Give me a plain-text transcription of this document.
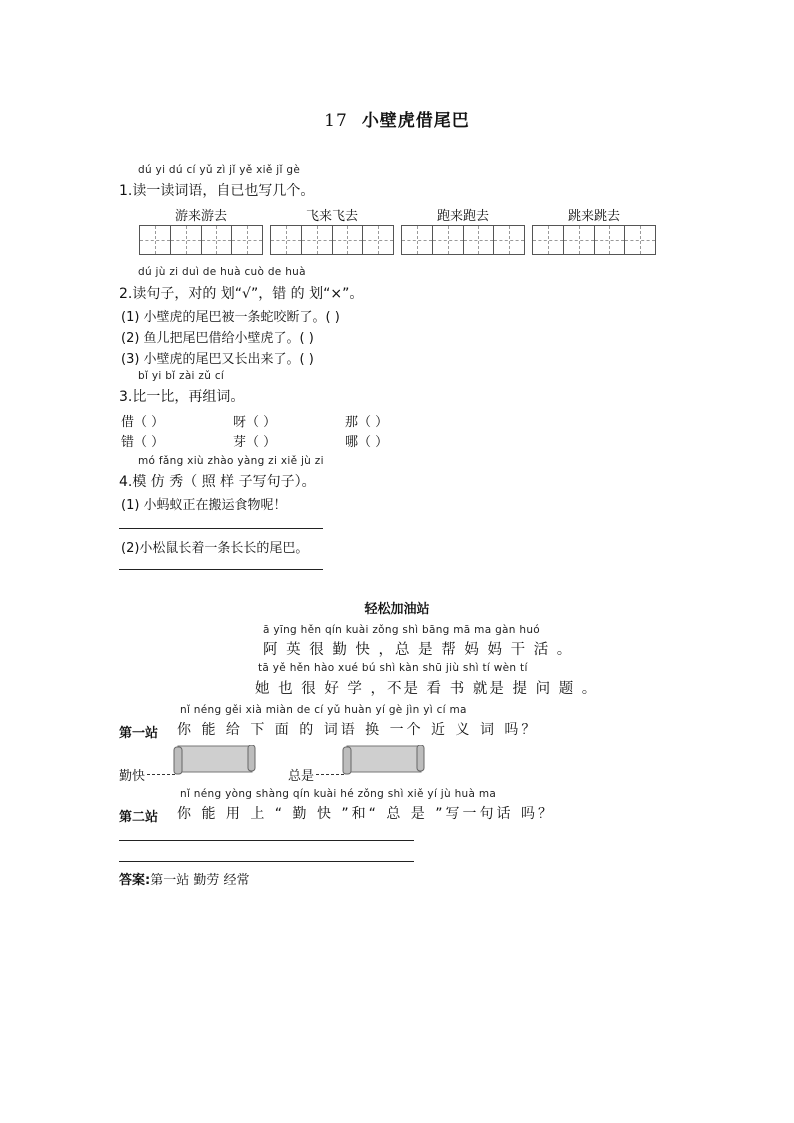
17 小壁虎借尾巴
dú yi dú cí yǔ zì jǐ yě xiě jǐ gè
1.读一读词语，自已也写几个。
游来游去	飞来飞去	跑来跑去	跳来跳去
dú jù zi duì de huà cuò de huà
2.读句子，对的 划“√”，错 的 划“×”。
(1) 小壁虎的尾巴被一条蛇咬断了。( )
(2) 鱼儿把尾巴借给小壁虎了。( )
(3) 小壁虎的尾巴又长出来了。( )
bǐ yi bǐ zài zǔ cí
3.比一比，再组词。
借（ ）	呀（ ）	那（ ）
错（ ）	芽（ ）	哪（ ）
mó fǎng xiù zhào yàng zi xiě jù zi
4.模 仿 秀（ 照 样 子写句子）。
(1) 小蚂蚁正在搬运食物呢！
(2)小松鼠长着一条长长的尾巴。
轻松加油站
ā yīng hěn qín kuài zǒng shì bāng mā ma gàn huó
阿 英 很 勤 快 ，总 是 帮 妈 妈 干 活 。
tā yě hěn hào xué bú shì kàn shū jiù shì tí wèn tí
她 也 很 好 学 ，不是 看 书 就是 提 问 题 。
nǐ néng gěi xià miàn de cí yǔ huàn yí gè jìn yì cí ma
第一站 你 能 给 下 面 的 词语 换 一个 近 义 词 吗？
勤快	总是
nǐ néng yòng shàng qín kuài hé zǒng shì xiě yí jù huà ma
第二站 你 能 用 上 “ 勤 快 ”和“ 总 是 ”写一句话 吗？
答案:第一站 勤劳 经常
